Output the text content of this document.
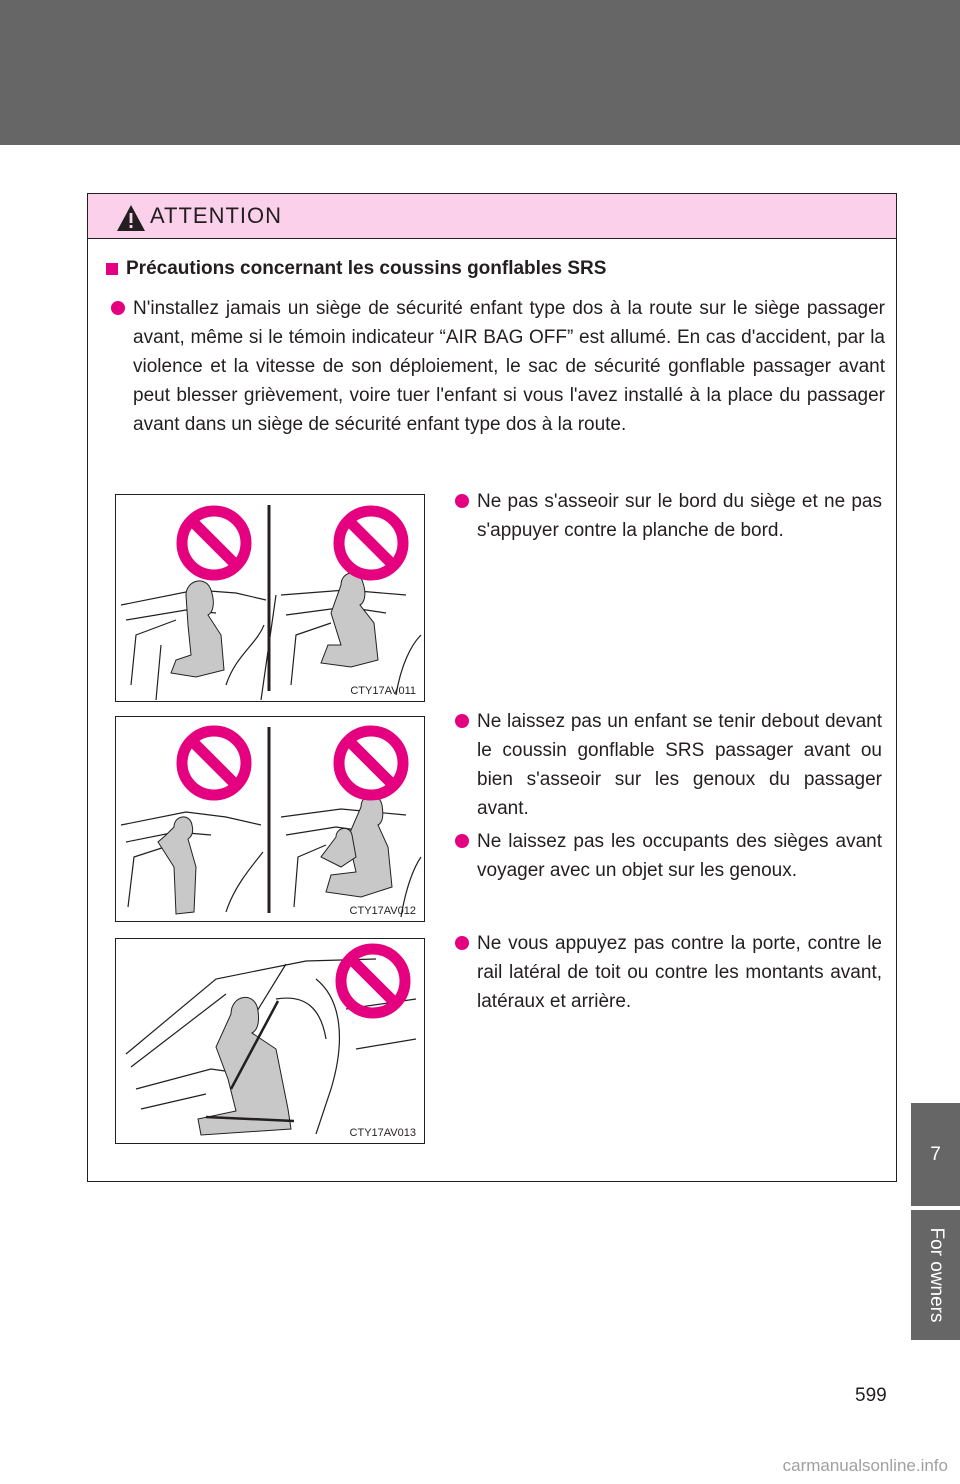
7
For owners
ATTENTION
Précautions concernant les coussins gonflables SRS
N'installez jamais un siège de sécurité enfant type dos à la route sur le siège passager avant, même si le témoin indicateur “AIR BAG OFF” est allumé. En cas d'accident, par la violence et la vitesse de son déploiement, le sac de sécurité gonflable passager avant peut blesser grièvement, voire tuer l'enfant si vous l'avez installé à la place du passager avant dans un siège de sécurité enfant type dos à la route.
CTY17AV011
Ne pas s'asseoir sur le bord du siège et ne pas s'appuyer contre la planche de bord.
CTY17AV012
Ne laissez pas un enfant se tenir debout devant le coussin gonflable SRS passager avant ou bien s'asseoir sur les genoux du passager avant.
Ne laissez pas les occupants des sièges avant voyager avec un objet sur les genoux.
CTY17AV013
Ne vous appuyez pas contre la porte, contre le rail latéral de toit ou contre les montants avant, latéraux et arrière.
599
carmanualsonline.info
